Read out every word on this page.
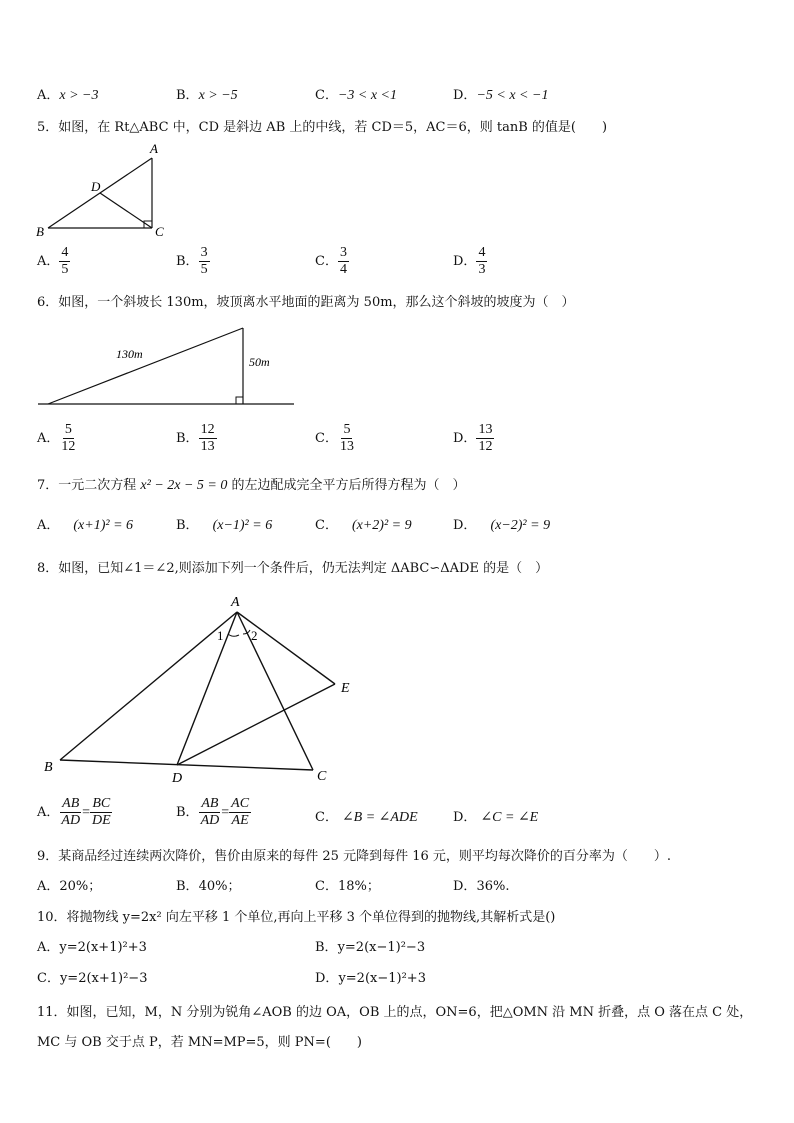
A．x > −3	B．x > −5	C．−3 < x <1	D．−5 < x < −1
5．如图，在 Rt△ABC 中，CD 是斜边 AB 上的中线，若 CD＝5，AC＝6，则 tanB 的值是(　　)
A
B	C
D
A． $\frac{4}{5}$	B． $\frac{3}{5}$	C． $\frac{3}{4}$	D． $\frac{4}{3}$
6．如图，一个斜坡长 130m，坡顶离水平地面的距离为 50m，那么这个斜坡的坡度为（　）
130m
50m
A． $\frac{5}{12}$	B． $\frac{12}{13}$	C． $\frac{5}{13}$	D． $\frac{13}{12}$
7．一元二次方程 x² − 2x − 5 = 0 的左边配成完全平方后所得方程为（　）
A． (x+1)² = 6	B． (x−1)² = 6	C． (x+2)² = 9	D． (x−2)² = 9
8．如图，已知∠1＝∠2,则添加下列一个条件后，仍无法判定 ΔABC∽ΔADE 的是（　）
A
B
C
D
E
1 2
A． $\frac{AB}{AD} = \frac{BC}{DE}$	B． $\frac{AB}{AD} = \frac{AC}{AE}$	C． ∠B = ∠ADE	D． ∠C = ∠E
9．某商品经过连续两次降价，售价由原来的每件 25 元降到每件 16 元，则平均每次降价的百分率为（　　）.
A．20%；	B．40%；	C．18%；	D．36%.
10．将抛物线 y=2x² 向左平移 1 个单位,再向上平移 3 个单位得到的抛物线,其解析式是()
A．y=2(x+1)²+3	B．y=2(x−1)²−3
C．y=2(x+1)²−3	D．y=2(x−1)²+3
11．如图，已知，M，N 分别为锐角∠AOB 的边 OA，OB 上的点，ON=6，把△OMN 沿 MN 折叠，点 O 落在点 C 处，
MC 与 OB 交于点 P，若 MN=MP=5，则 PN=(　　)
